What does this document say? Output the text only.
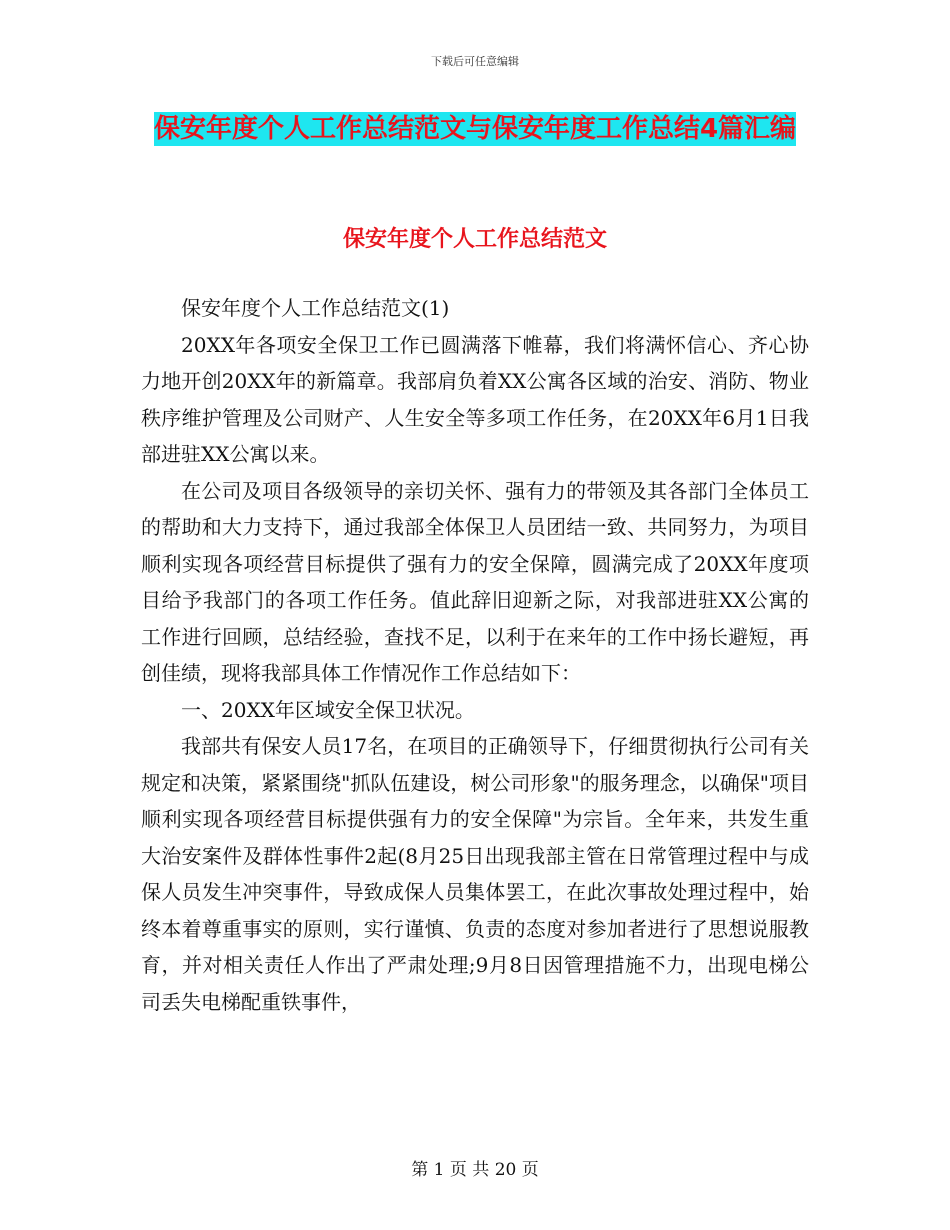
下载后可任意编辑
保安年度个人工作总结范文与保安年度工作总结4篇汇编
保安年度个人工作总结范文

保安年度个人工作总结范文(1)

20XX年各项安全保卫工作已圆满落下帷幕，我们将满怀信心、齐心协力地开创20XX年的新篇章。我部肩负着XX公寓各区域的治安、消防、物业秩序维护管理及公司财产、人生安全等多项工作任务，在20XX年6月1日我部进驻XX公寓以来。

在公司及项目各级领导的亲切关怀、强有力的带领及其各部门全体员工的帮助和大力支持下，通过我部全体保卫人员团结一致、共同努力，为项目顺利实现各项经营目标提供了强有力的安全保障，圆满完成了20XX年度项目给予我部门的各项工作任务。值此辞旧迎新之际，对我部进驻XX公寓的工作进行回顾，总结经验，查找不足，以利于在来年的工作中扬长避短，再创佳绩，现将我部具体工作情况作工作总结如下：

一、20XX年区域安全保卫状况。

我部共有保安人员17名，在项目的正确领导下，仔细贯彻执行公司有关规定和决策，紧紧围绕"抓队伍建设，树公司形象"的服务理念，以确保"项目顺利实现各项经营目标提供强有力的安全保障"为宗旨。全年来，共发生重大治安案件及群体性事件2起(8月25日出现我部主管在日常管理过程中与成保人员发生冲突事件，导致成保人员集体罢工，在此次事故处理过程中，始终本着尊重事实的原则，实行谨慎、负责的态度对参加者进行了思想说服教育，并对相关责任人作出了严肃处理;9月8日因管理措施不力，出现电梯公司丢失电梯配重铁事件，

第 1 页 共 20 页
